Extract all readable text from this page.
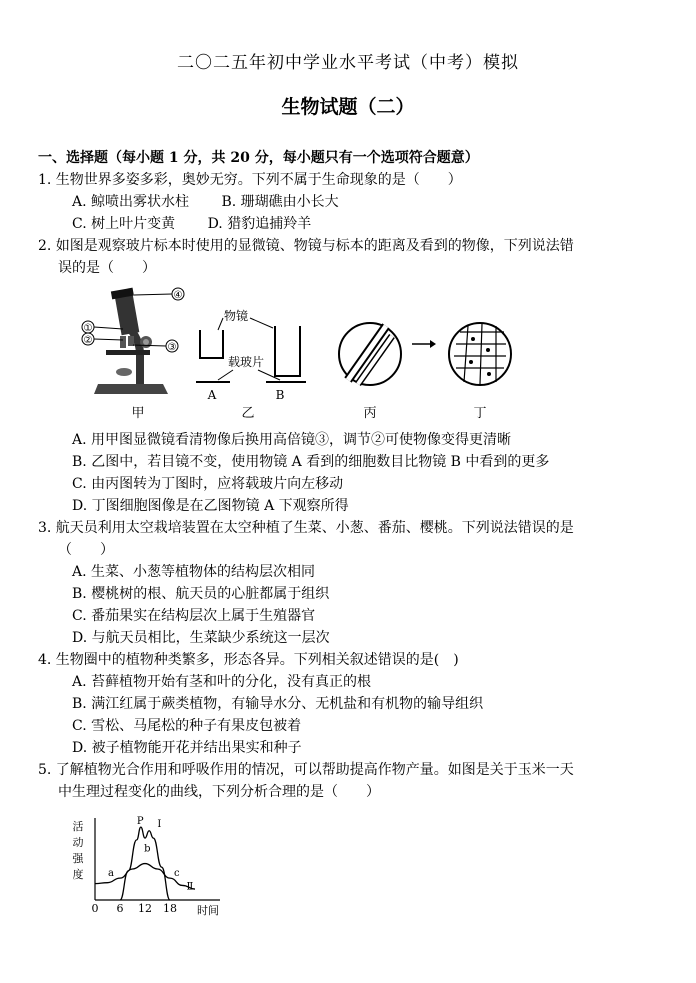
二〇二五年初中学业水平考试（中考）模拟
生物试题（二）
一、选择题（每小题 1 分，共 20 分，每小题只有一个选项符合题意）
1. 生物世界多姿多彩，奥妙无穷。下列不属于生命现象的是（　　）
A. 鲸喷出雾状水柱　　 B. 珊瑚礁由小长大
C. 树上叶片变黄　　 D. 猎豹追捕羚羊
2. 如图是观察玻片标本时使用的显微镜、物镜与标本的距离及看到的物像，下列说法错
误的是（　　）
①
②
③
④
甲
物镜
载玻片
A	B
乙	丙	丁
A. 用甲图显微镜看清物像后换用高倍镜③，调节②可使物像变得更清晰
B. 乙图中，若目镜不变，使用物镜 A 看到的细胞数目比物镜 B 中看到的更多
C. 由丙图转为丁图时，应将载玻片向左移动
D. 丁图细胞图像是在乙图物镜 A 下观察所得
3. 航天员利用太空栽培装置在太空种植了生菜、小葱、番茄、樱桃。下列说法错误的是
（　　）
A. 生菜、小葱等植物体的结构层次相同
B. 樱桃树的根、航天员的心脏都属于组织
C. 番茄果实在结构层次上属于生殖器官
D. 与航天员相比，生菜缺少系统这一层次
4. 生物圈中的植物种类繁多，形态各异。下列相关叙述错误的是(　)
A. 苔藓植物开始有茎和叶的分化，没有真正的根
B. 满江红属于蕨类植物，有输导水分、无机盐和有机物的输导组织
C. 雪松、马尾松的种子有果皮包被着
D. 被子植物能开花并结出果实和种子
5. 了解植物光合作用和呼吸作用的情况，可以帮助提高作物产量。如图是关于玉米一天
中生理过程变化的曲线，下列分析合理的是（　　）
活动强度
Ⅰ
Ⅱ
P
b
a	c
0 6 12 18 时间
